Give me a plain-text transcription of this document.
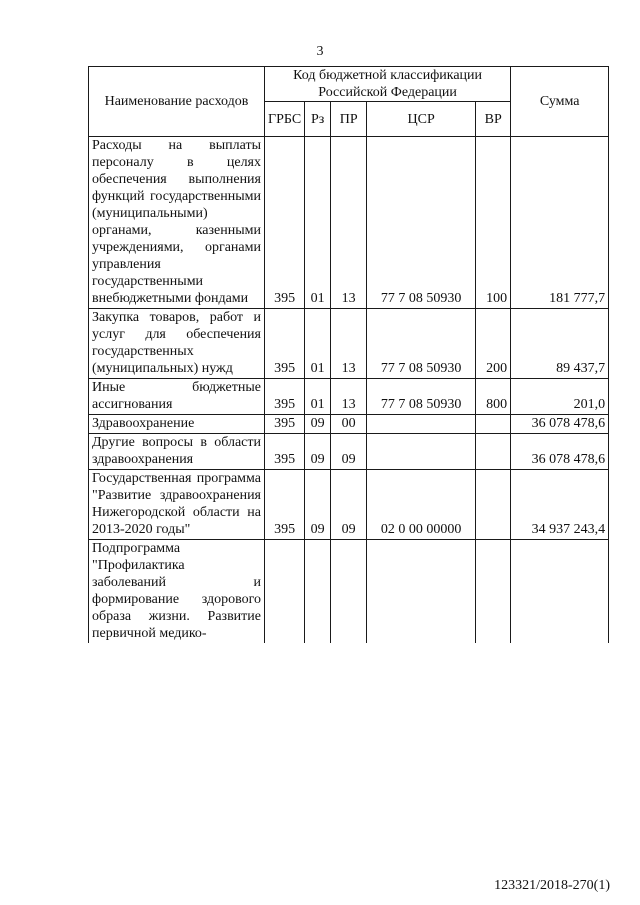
3
Наименование расходов	Код бюджетной классификации Российской Федерации					Сумма
	ГРБС	Рз	ПР	ЦСР	ВР	
Расходы на выплаты персоналу в целях обеспечения выполнения функций государственными (муниципальными) органами, казенными учреждениями, органами управления государственными внебюджетными фондами	395	01	13	77 7 08 50930	100	181 777,7
Закупка товаров, работ и услуг для обеспечения государственных (муниципальных) нужд	395	01	13	77 7 08 50930	200	89 437,7
Иные бюджетные ассигнования	395	01	13	77 7 08 50930	800	201,0
Здравоохранение	395	09	00			36 078 478,6
Другие вопросы в области здравоохранения	395	09	09			36 078 478,6
Государственная программа "Развитие здравоохранения Нижегородской области на 2013-2020 годы"	395	09	09	02 0 00 00000		34 937 243,4
Подпрограмма "Профилактика заболеваний и формирование здорового образа жизни. Развитие первичной медико-						
123321/2018-270(1)
